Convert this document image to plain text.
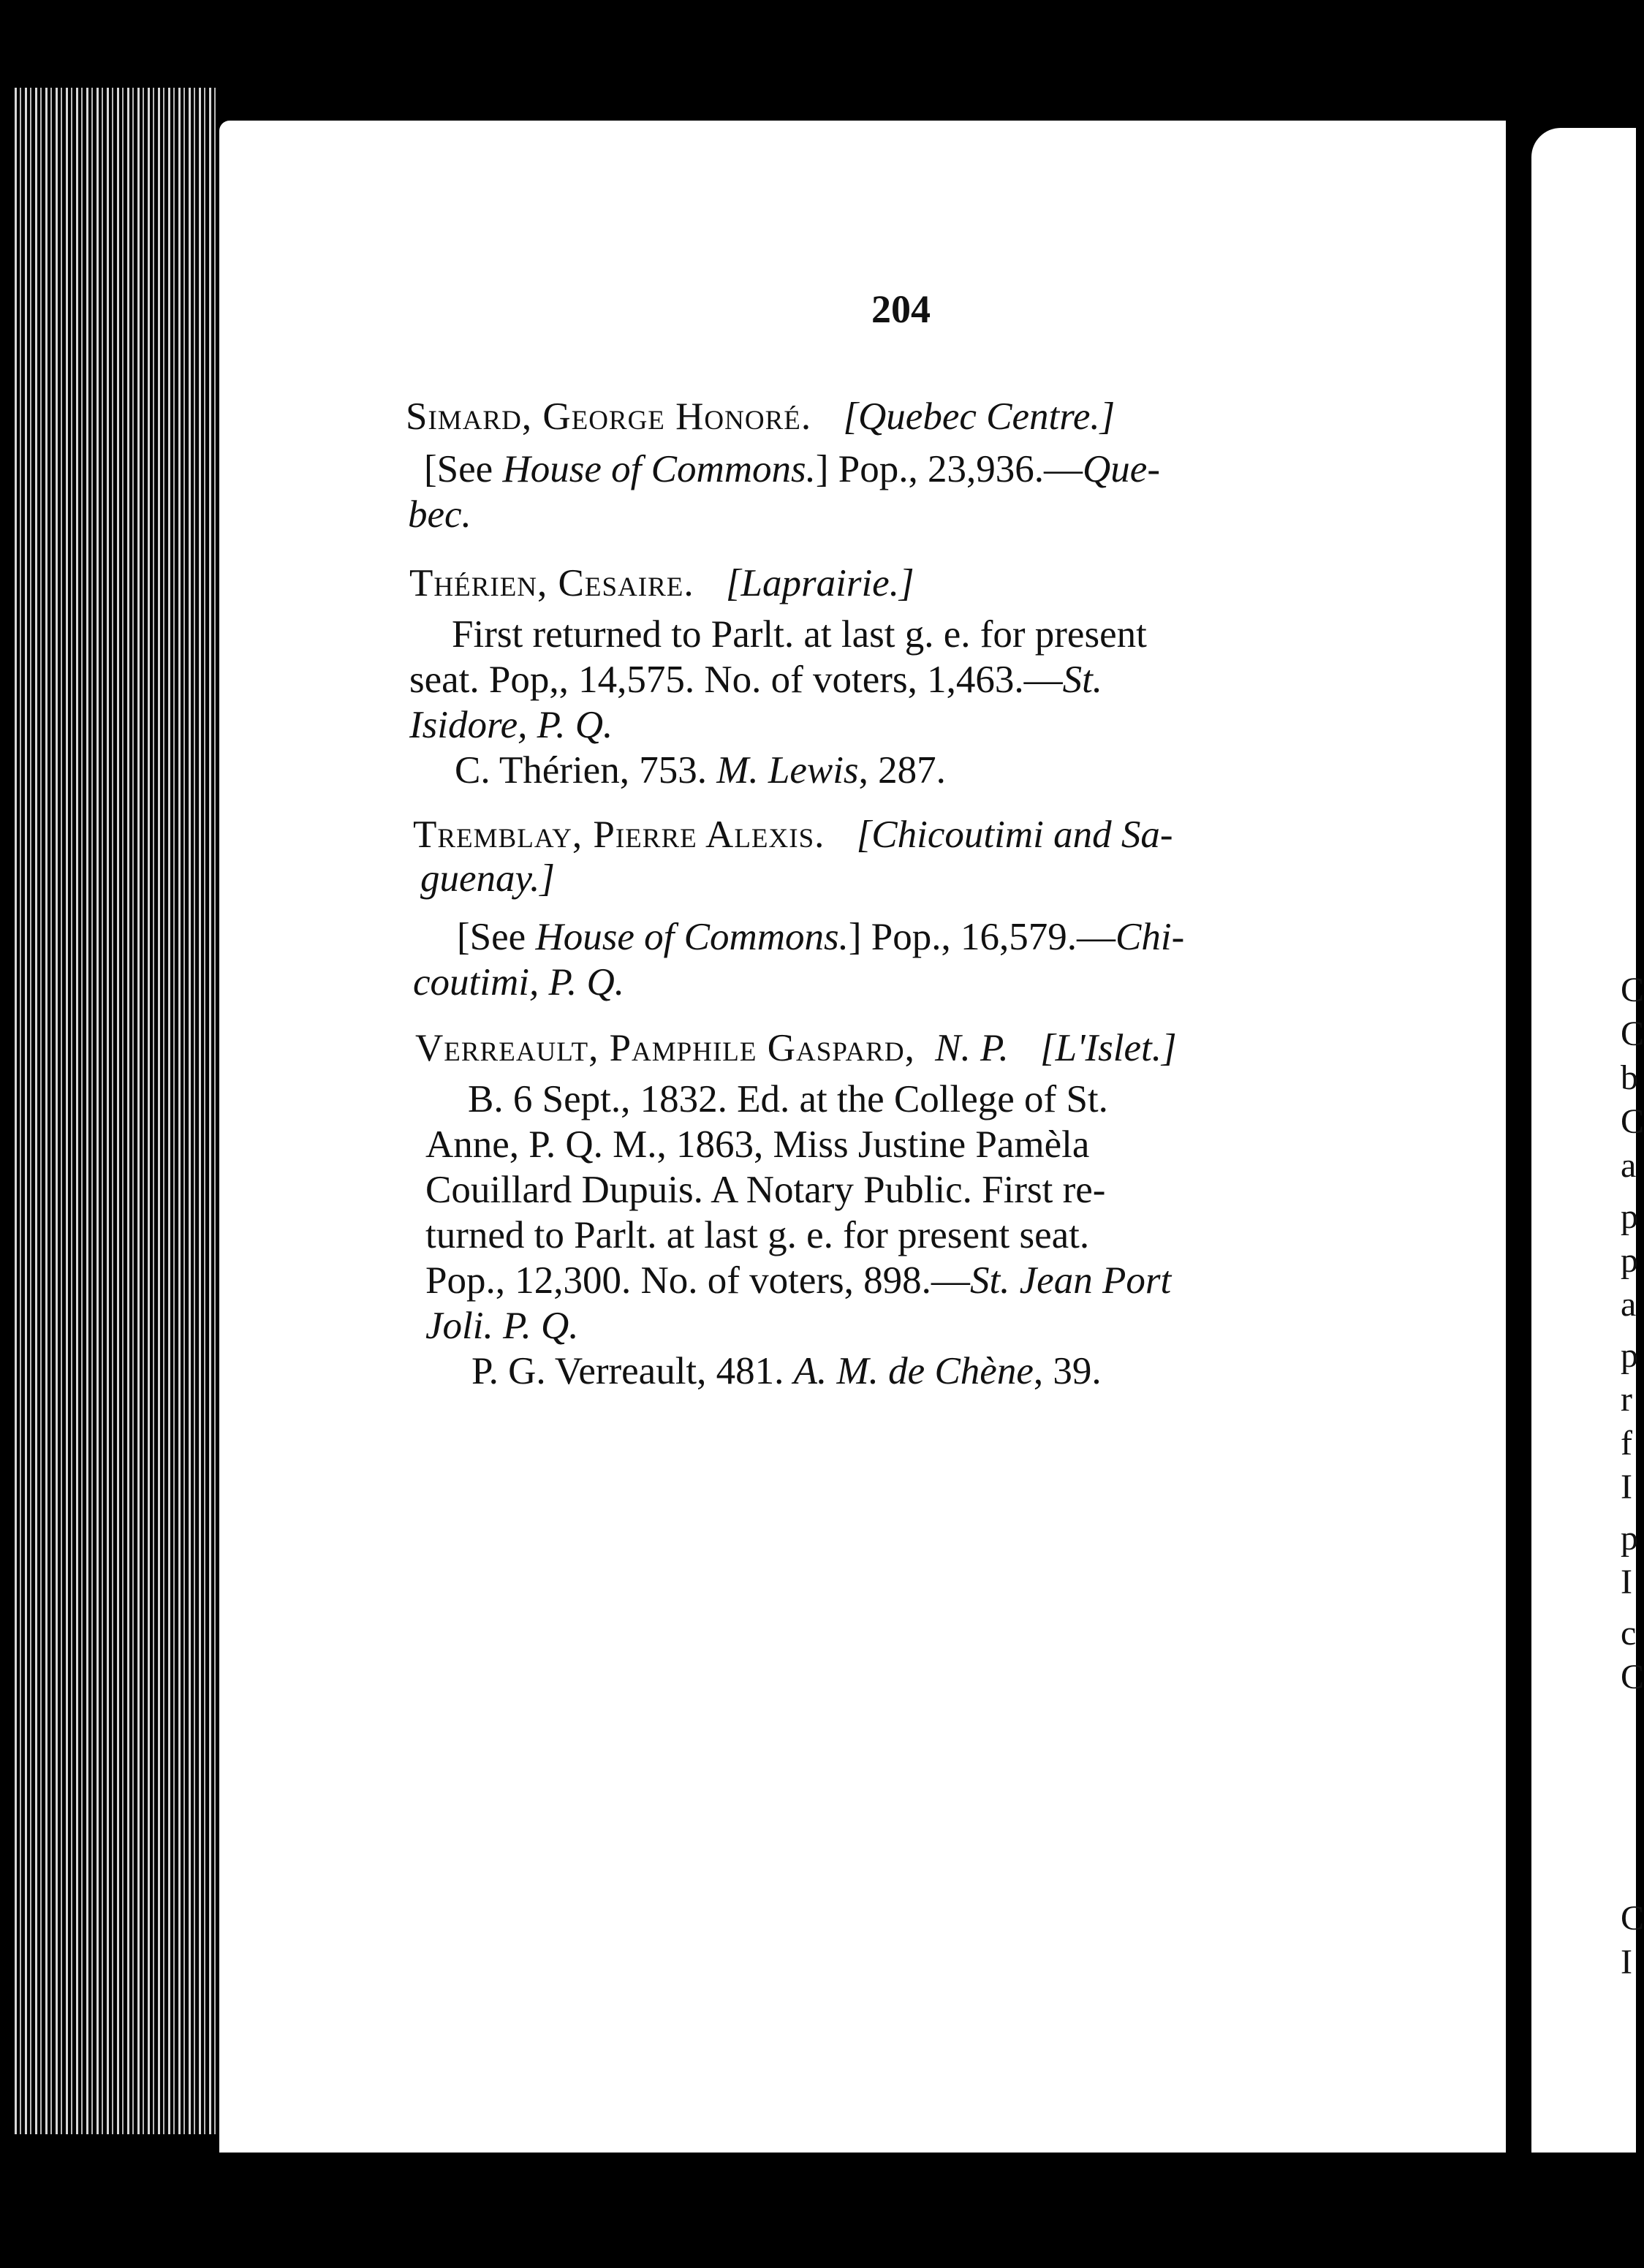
C
C
b
C
a
p
p
a
p
r
f
I
p
I
c
C
C
I
204
Simard, George Honoré. [Quebec Centre.]
[See House of Commons.] Pop., 23,936.—Que-
bec.
Thérien, Cesaire. [Laprairie.]
First returned to Parlt. at last g. e. for present
seat. Pop,, 14,575. No. of voters, 1,463.—St.
Isidore, P. Q.
C. Thérien, 753. M. Lewis, 287.
Tremblay, Pierre Alexis. [Chicoutimi and Sa-
guenay.]
[See House of Commons.] Pop., 16,579.—Chi-
coutimi, P. Q.
Verreault, Pamphile Gaspard, N. P. [L'Islet.]
B. 6 Sept., 1832. Ed. at the College of St.
Anne, P. Q. M., 1863, Miss Justine Pamèla
Couillard Dupuis. A Notary Public. First re-
turned to Parlt. at last g. e. for present seat.
Pop., 12,300. No. of voters, 898.—St. Jean Port
Joli. P. Q.
P. G. Verreault, 481. A. M. de Chène, 39.
